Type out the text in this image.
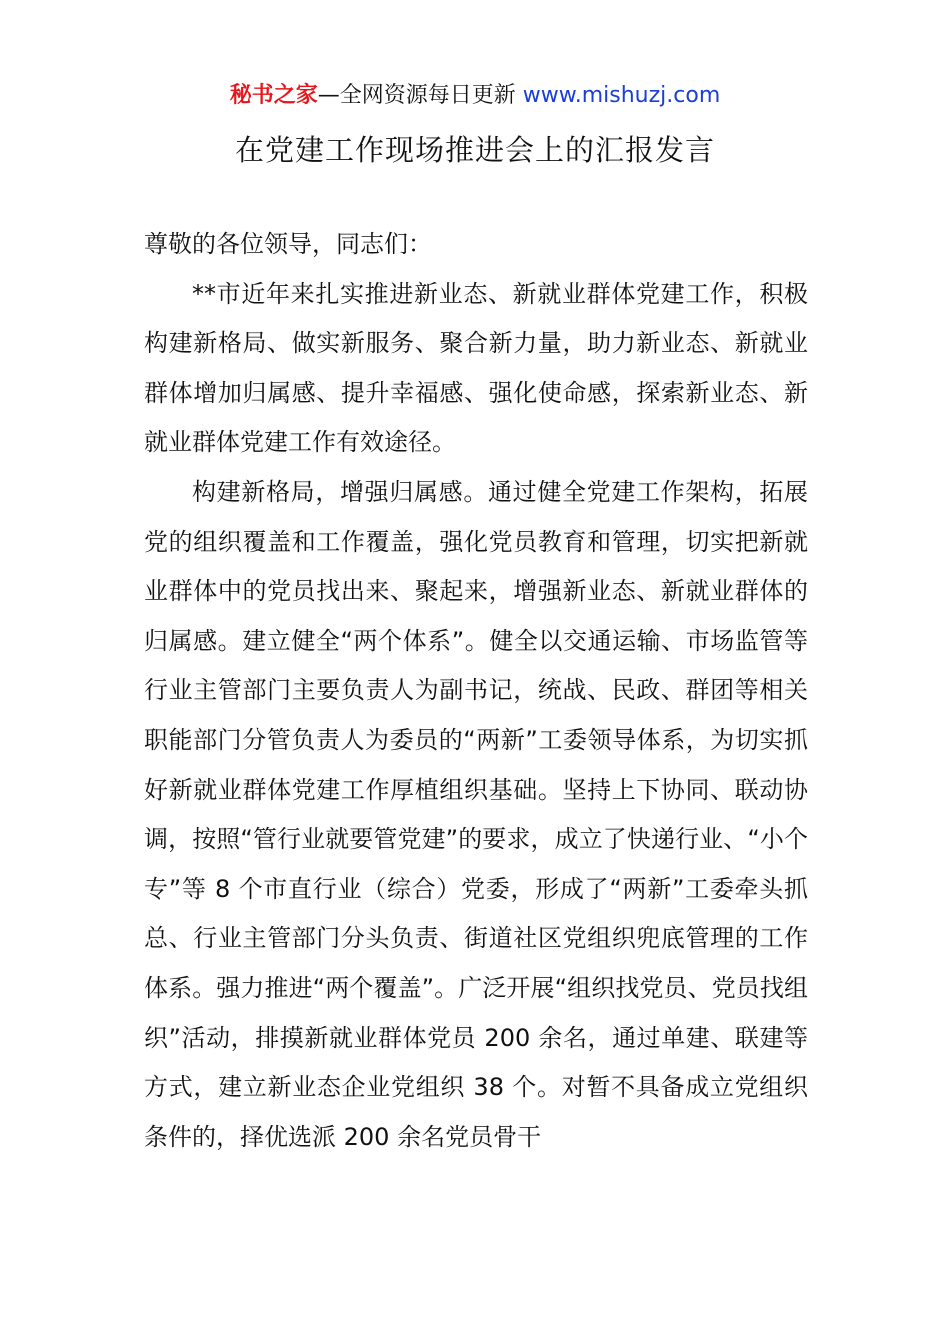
秘书之家—全网资源每日更新 www.mishuzj.com
在党建工作现场推进会上的汇报发言

尊敬的各位领导，同志们：

**市近年来扎实推进新业态、新就业群体党建工作，积极构建新格局、做实新服务、聚合新力量，助力新业态、新就业群体增加归属感、提升幸福感、强化使命感，探索新业态、新就业群体党建工作有效途径。

构建新格局，增强归属感。通过健全党建工作架构，拓展党的组织覆盖和工作覆盖，强化党员教育和管理，切实把新就业群体中的党员找出来、聚起来，增强新业态、新就业群体的归属感。建立健全“两个体系”。健全以交通运输、市场监管等行业主管部门主要负责人为副书记，统战、民政、群团等相关职能部门分管负责人为委员的“两新”工委领导体系，为切实抓好新就业群体党建工作厚植组织基础。坚持上下协同、联动协调，按照“管行业就要管党建”的要求，成立了快递行业、“小个专”等 8 个市直行业（综合）党委，形成了“两新”工委牵头抓总、行业主管部门分头负责、街道社区党组织兜底管理的工作体系。强力推进“两个覆盖”。广泛开展“组织找党员、党员找组织”活动，排摸新就业群体党员 200 余名，通过单建、联建等方式，建立新业态企业党组织 38 个。对暂不具备成立党组织条件的，择优选派 200 余名党员骨干
